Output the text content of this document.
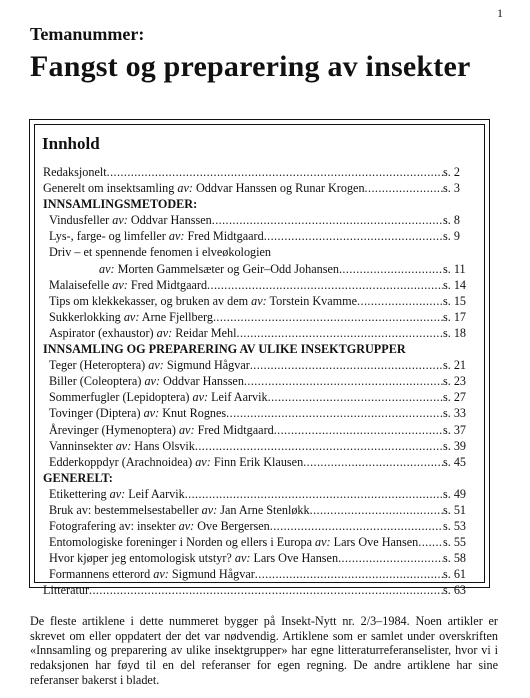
1
Temanummer:
Fangst og preparering av insekter
Innhold
Redaksjonelt .....	s. 2
Generelt om insektsamling av: Oddvar Hanssen og Runar Krogen .....	s. 3
INNSAMLINGSMETODER:
Vindusfeller av: Oddvar Hanssen .....	s. 8
Lys-, farge- og limfeller av: Fred Midtgaard .....	s. 9
Driv – et spennende fenomen i elveøkologien
av: Morten Gammelsæter og Geir–Odd Johansen .....	s. 11
Malaisefelle av: Fred Midtgaard .....	s. 14
Tips om klekkekasser, og bruken av dem av: Torstein Kvamme .....	s. 15
Sukkerlokking av: Arne Fjellberg .....	s. 17
Aspirator (exhaustor) av: Reidar Mehl .....	s. 18
INNSAMLING OG PREPARERING AV ULIKE INSEKTGRUPPER
Teger (Heteroptera) av: Sigmund Hågvar .....	s. 21
Biller (Coleoptera) av: Oddvar Hanssen .....	s. 23
Sommerfugler (Lepidoptera) av: Leif Aarvik .....	s. 27
Tovinger (Diptera) av: Knut Rognes .....	s. 33
Årevinger (Hymenoptera) av: Fred Midtgaard .....	s. 37
Vanninsekter av: Hans Olsvik .....	s. 39
Edderkoppdyr (Arachnoidea) av: Finn Erik Klausen .....	s. 45
GENERELT:
Etikettering av: Leif Aarvik .....	s. 49
Bruk av: bestemmelsestabeller av: Jan Arne Stenløkk .....	s. 51
Fotografering av: insekter av: Ove Bergersen .....	s. 53
Entomologiske foreninger i Norden og ellers i Europa av: Lars Ove Hansen ..... s. 55
Hvor kjøper jeg entomologisk utstyr? av: Lars Ove Hansen .....	s. 58
Formannens etterord av: Sigmund Hågvar .....	s. 61
Litteratur .....	s. 63
De fleste artiklene i dette nummeret bygger på Insekt-Nytt nr. 2/3–1984. Noen artikler er skrevet om eller oppdatert der det var nødvendig. Artiklene som er samlet under overskriften «Innsamling og preparering av ulike insektgrupper» har egne litteraturreferanselister, hvor vi i redaksjonen har føyd til en del referanser for egen regning. De andre artiklene har sine referanser bakerst i bladet.
